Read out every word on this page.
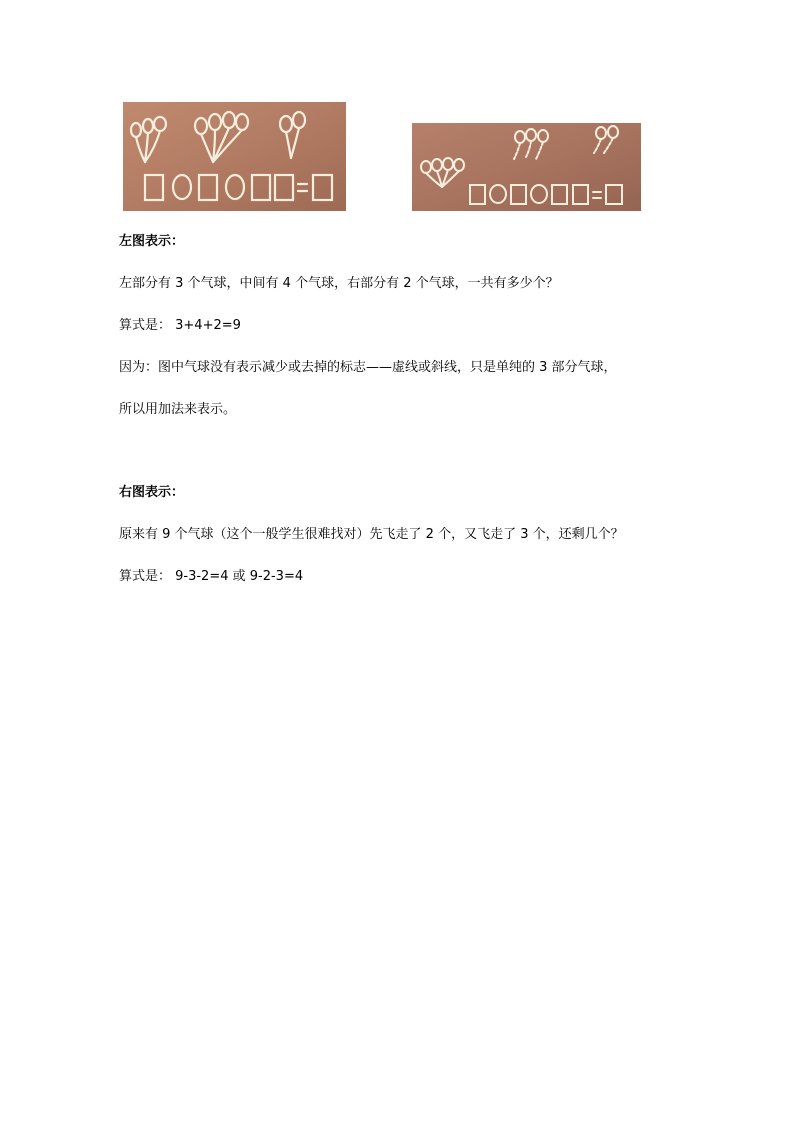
左图表示：
左部分有 3 个气球，中间有 4 个气球，右部分有 2 个气球，一共有多少个？
算式是： 3+4+2=9
因为：图中气球没有表示减少或去掉的标志——虚线或斜线，只是单纯的 3 部分气球，
所以用加法来表示。
右图表示：
原来有 9 个气球（这个一般学生很难找对）先飞走了 2 个，又飞走了 3 个，还剩几个？
算式是： 9-3-2=4 或 9-2-3=4
